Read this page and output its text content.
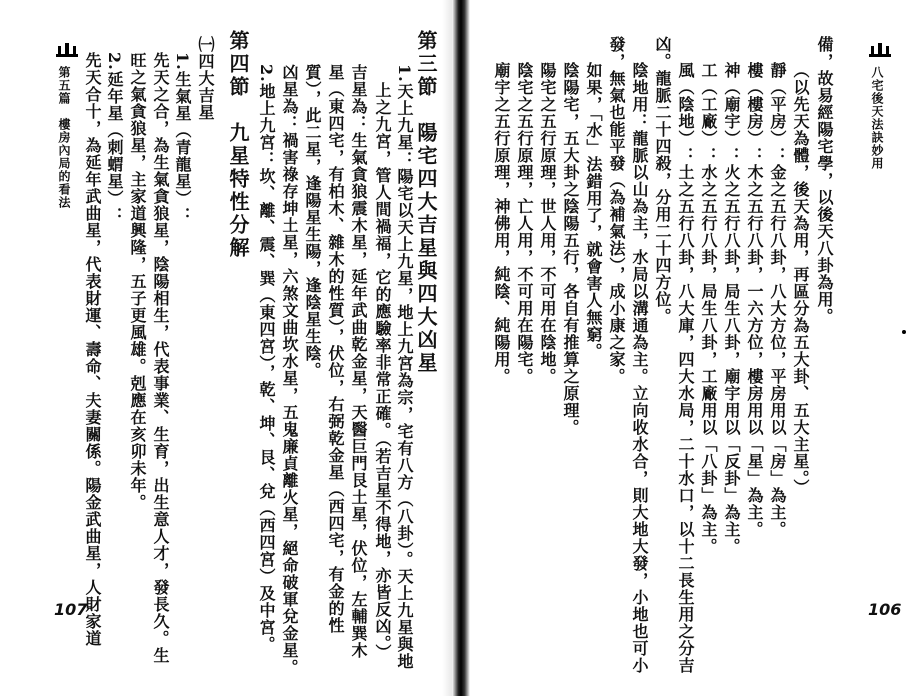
第五篇　樓房內局的看法
107
第三節　陽宅四大吉星與四大凶星
1.天上九星：陽宅以天上九星，地上九宮為宗，宅有八方（八卦）。天上九星與地
上之九宮，管人間禍福，它的應驗率非常正確。（若吉星不得地，亦皆反凶。）
吉星為：生氣貪狼震木星，延年武曲乾金星，天醫巨門艮土星，伏位，左輔巽木
星（東四宅，有柏木、雜木的性質），伏位，右弼乾金星（西四宅，有金的性
質），此二星，逢陽星生陽，逢陰星生陰。
凶星為：禍害祿存坤土星，六煞文曲坎水星，五鬼廉貞離火星，絕命破軍兌金星。
2.地上九宮：坎、離、震、巽（東四宮），乾、坤、艮、兌（西四宮）及中宮。
第四節　九星特性分解
㈠四大吉星
1.生氣星（青龍星）：
先天之合，為生氣貪狼星，陰陽相生，代表事業、生育，出生意人才，發長久。生
旺之氣貪狼星，主家道興隆，五子更風雄。剋應在亥卯未年。
2.延年星（刺蝟星）：
先天合十，為延年武曲星，代表財運、壽命、夫妻關係。陽金武曲星，人財家道	八宅後天法訣妙用
106
備，故易經陽宅學，以後天八卦為用。
（以先天為體，後天為用，再區分為五大卦、五大主星。）
靜（平房）：金之五行八卦，八大方位，平房用以「房」為主。
樓（樓房）：木之五行八卦，一六方位，樓房用以「星」為主。
神（廟宇）：火之五行八卦，局生八卦，廟宇用以「反卦」為主。
工（工廠）：水之五行八卦，局生八卦，工廠用以「八卦」為主。
風（陰地）：土之五行八卦，八大庫，四大水局，二十水口，以十二長生用之分吉
凶。龍脈二十四殺，分用二十四方位。
陰地用：龍脈以山為主，水局以溝通為主。立向收水合，則大地大發，小地也可小
發，無氣也能平發（為補氣法），成小康之家。
如果，「水」法錯用了，就會害人無窮。
陰陽宅，五大卦之陰陽五行，各自有推算之原理。
陽宅之五行原理，世人用，不可用在陰地。
陰宅之五行原理，亡人用，不可用在陽宅。
廟宇之五行原理，神佛用，純陰、純陽用。
